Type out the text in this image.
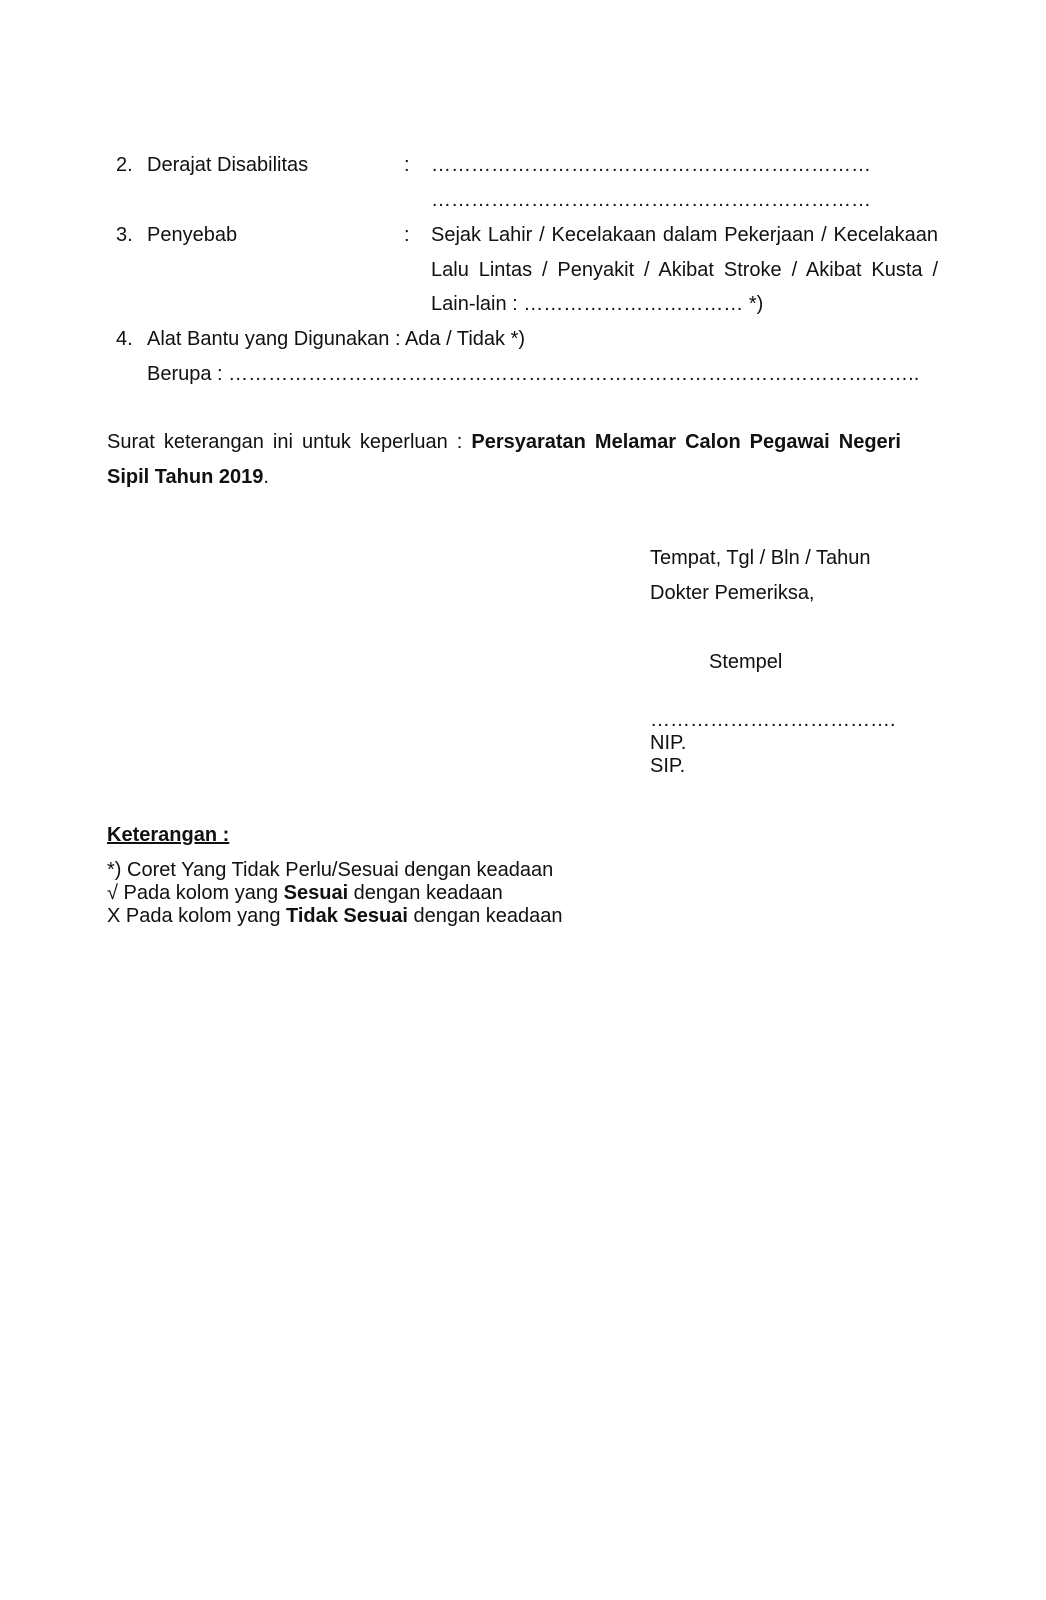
2. Derajat Disabilitas	: …………………………………………………………
…………………………………………………………
3. Penyebab	: Sejak Lahir / Kecelakaan dalam Pekerjaan / Kecelakaan
Lalu Lintas / Penyakit / Akibat Stroke / Akibat Kusta /
Lain-lain : …………………………… *)
4. Alat Bantu yang Digunakan : Ada / Tidak *)
Berupa : …………………………………………………………………………………………..
Surat keterangan ini untuk keperluan : Persyaratan Melamar Calon Pegawai Negeri
Sipil Tahun 2019.
Tempat, Tgl / Bln / Tahun
Dokter Pemeriksa,
Stempel
……………………………….
NIP.
SIP.
Keterangan :
*) Coret Yang Tidak Perlu/Sesuai dengan keadaan
√ Pada kolom yang Sesuai dengan keadaan
X Pada kolom yang Tidak Sesuai dengan keadaan
